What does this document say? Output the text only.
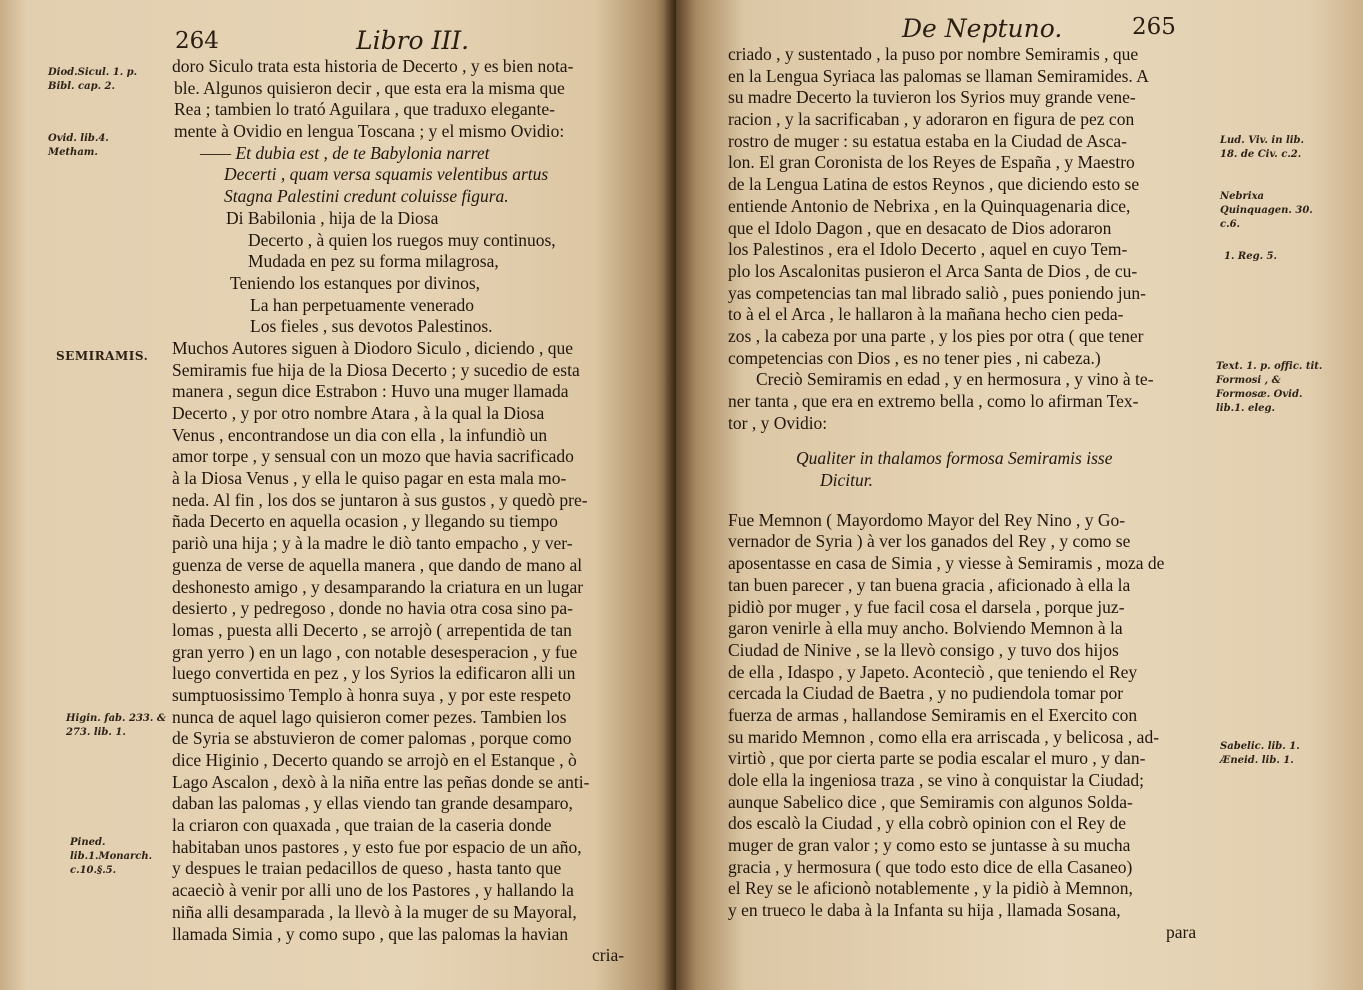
264	Libro III.
Diod.Sicul. 1. p. Bibl. cap. 2.
Ovid. lib.4. Metham.
SEMIRAMIS.
Higin. fab. 233. & 273. lib. 1.
Pined. lib.1.Monarch. c.10.§.5.
doro Siculo trata esta historia de Decerto , y es bien nota-
ble. Algunos quisieron decir , que esta era la misma que
Rea ; tambien lo trató Aguilara , que traduxo elegante-
mente à Ovidio en lengua Toscana ; y el mismo Ovidio:
—— Et dubia est , de te Babylonia narret
Decerti , quam versa squamis velentibus artus
Stagna Palestini credunt coluisse figura.
Di Babilonia , hija de la Diosa
Decerto , à quien los ruegos muy continuos,
Mudada en pez su forma milagrosa,
Teniendo los estanques por divinos,
La han perpetuamente venerado
Los fieles , sus devotos Palestinos.
Muchos Autores siguen à Diodoro Siculo , diciendo , que
Semiramis fue hija de la Diosa Decerto ; y sucedio de esta
manera , segun dice Estrabon : Huvo una muger llamada
Decerto , y por otro nombre Atara , à la qual la Diosa
Venus , encontrandose un dia con ella , la infundiò un
amor torpe , y sensual con un mozo que havia sacrificado
à la Diosa Venus , y ella le quiso pagar en esta mala mo-
neda. Al fin , los dos se juntaron à sus gustos , y quedò pre-
ñada Decerto en aquella ocasion , y llegando su tiempo
pariò una hija ; y à la madre le diò tanto empacho , y ver-
guenza de verse de aquella manera , que dando de mano al
deshonesto amigo , y desamparando la criatura en un lugar
desierto , y pedregoso , donde no havia otra cosa sino pa-
lomas , puesta alli Decerto , se arrojò ( arrepentida de tan
gran yerro ) en un lago , con notable desesperacion , y fue
luego convertida en pez , y los Syrios la edificaron alli un
sumptuosissimo Templo à honra suya , y por este respeto
nunca de aquel lago quisieron comer pezes. Tambien los
de Syria se abstuvieron de comer palomas , porque como
dice Higinio , Decerto quando se arrojò en el Estanque , ò
Lago Ascalon , dexò à la niña entre las peñas donde se anti-
daban las palomas , y ellas viendo tan grande desamparo,
la criaron con quaxada , que traian de la caseria donde
habitaban unos pastores , y esto fue por espacio de un año,
y despues le traian pedacillos de queso , hasta tanto que
acaeciò à venir por alli uno de los Pastores , y hallando la
niña alli desamparada , la llevò à la muger de su Mayoral,
llamada Simia , y como supo , que las palomas la havian
cria-
De Neptuno.	265
criado , y sustentado , la puso por nombre Semiramis , que
en la Lengua Syriaca las palomas se llaman Semiramides. A
su madre Decerto la tuvieron los Syrios muy grande vene-
racion , y la sacrificaban , y adoraron en figura de pez con
rostro de muger : su estatua estaba en la Ciudad de Asca-
lon. El gran Coronista de los Reyes de España , y Maestro
de la Lengua Latina de estos Reynos , que diciendo esto se
entiende Antonio de Nebrixa , en la Quinquagenaria dice,
que el Idolo Dagon , que en desacato de Dios adoraron
los Palestinos , era el Idolo Decerto , aquel en cuyo Tem-
plo los Ascalonitas pusieron el Arca Santa de Dios , de cu-
yas competencias tan mal librado saliò , pues poniendo jun-
to à el el Arca , le hallaron à la mañana hecho cien peda-
zos , la cabeza por una parte , y los pies por otra ( que tener
competencias con Dios , es no tener pies , ni cabeza.)
Creciò Semiramis en edad , y en hermosura , y vino à te-
ner tanta , que era en extremo bella , como lo afirman Tex-
tor , y Ovidio:
Qualiter in thalamos formosa Semiramis isse
Dicitur.
Fue Memnon ( Mayordomo Mayor del Rey Nino , y Go-
vernador de Syria ) à ver los ganados del Rey , y como se
aposentasse en casa de Simia , y viesse à Semiramis , moza de
tan buen parecer , y tan buena gracia , aficionado à ella la
pidiò por muger , y fue facil cosa el darsela , porque juz-
garon venirle à ella muy ancho. Bolviendo Memnon à la
Ciudad de Ninive , se la llevò consigo , y tuvo dos hijos
de ella , Idaspo , y Japeto. Aconteciò , que teniendo el Rey
cercada la Ciudad de Baetra , y no pudiendola tomar por
fuerza de armas , hallandose Semiramis en el Exercito con
su marido Memnon , como ella era arriscada , y belicosa , ad-
virtiò , que por cierta parte se podia escalar el muro , y dan-
dole ella la ingeniosa traza , se vino à conquistar la Ciudad;
aunque Sabelico dice , que Semiramis con algunos Solda-
dos escalò la Ciudad , y ella cobrò opinion con el Rey de
muger de gran valor ; y como esto se juntasse à su mucha
gracia , y hermosura ( que todo esto dice de ella Casaneo)
el Rey se le aficionò notablemente , y la pidiò à Memnon,
y en trueco le daba à la Infanta su hija , llamada Sosana,
para
Lud. Viv. in lib. 18. de Civ. c.2.
Nebrixa Quinquagen. 30. c.6.
1. Reg. 5.
Text. 1. p. offic. tit. Formosi , & Formosæ. Ovid. lib.1. eleg.
Sabelic. lib. 1. Æneid. lib. 1.
